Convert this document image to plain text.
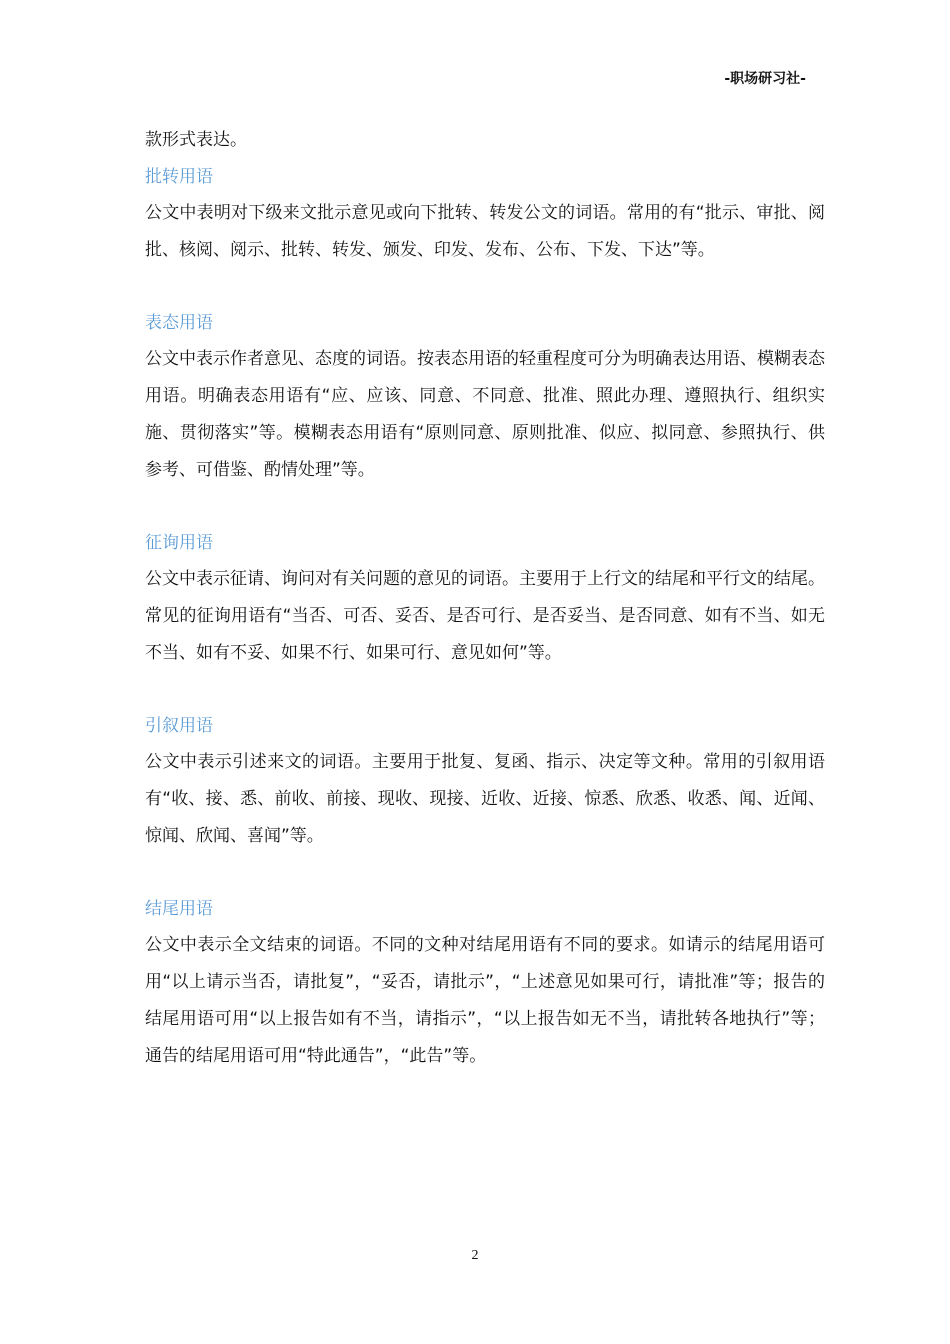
-职场研习社-

款形式表达。

批转用语

公文中表明对下级来文批示意见或向下批转、转发公文的词语。常用的有“批示、审批、阅批、核阅、阅示、批转、转发、颁发、印发、发布、公布、下发、下达”等。

表态用语

公文中表示作者意见、态度的词语。按表态用语的轻重程度可分为明确表达用语、模糊表态用语。明确表态用语有“应、应该、同意、不同意、批准、照此办理、遵照执行、组织实施、贯彻落实”等。模糊表态用语有“原则同意、原则批准、似应、拟同意、参照执行、供参考、可借鉴、酌情处理”等。

征询用语

公文中表示征请、询问对有关问题的意见的词语。主要用于上行文的结尾和平行文的结尾。常见的征询用语有“当否、可否、妥否、是否可行、是否妥当、是否同意、如有不当、如无不当、如有不妥、如果不行、如果可行、意见如何”等。

引叙用语

公文中表示引述来文的词语。主要用于批复、复函、指示、决定等文种。常用的引叙用语有“收、接、悉、前收、前接、现收、现接、近收、近接、惊悉、欣悉、收悉、闻、近闻、惊闻、欣闻、喜闻”等。

结尾用语

公文中表示全文结束的词语。不同的文种对结尾用语有不同的要求。如请示的结尾用语可用“以上请示当否，请批复”，“妥否，请批示”，“上述意见如果可行，请批准”等；报告的结尾用语可用“以上报告如有不当，请指示”，“以上报告如无不当，请批转各地执行”等；通告的结尾用语可用“特此通告”，“此告”等。

2
